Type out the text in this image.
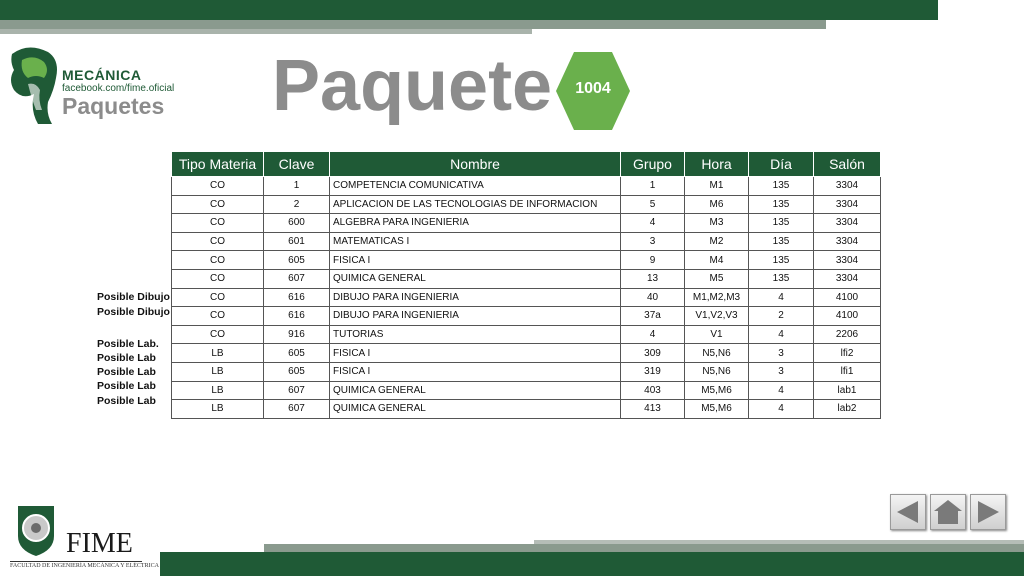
MECÁNICA
facebook.com/fime.oficial
Paquetes Paquete	1004
Posible Dibujo
Posible Dibujo
Posible Lab.
Posible Lab
Posible Lab
Posible Lab
Posible Lab
Tipo Materia	Clave	Nombre	Grupo	Hora	Día	Salón
CO	1	COMPETENCIA COMUNICATIVA	1	M1	135	3304
CO	2	APLICACION DE LAS TECNOLOGIAS DE INFORMACION	5	M6	135	3304
CO	600	ALGEBRA PARA INGENIERIA	4	M3	135	3304
CO	601	MATEMATICAS I	3	M2	135	3304
CO	605	FISICA I	9	M4	135	3304
CO	607	QUIMICA GENERAL	13	M5	135	3304
CO	616	DIBUJO PARA INGENIERIA	40	M1,M2,M3	4	4100
CO	616	DIBUJO PARA INGENIERIA	37a	V1,V2,V3	2	4100
CO	916	TUTORIAS	4	V1	4	2206
LB	605	FISICA I	309	N5,N6	3	lfi2
LB	605	FISICA I	319	N5,N6	3	lfi1
LB	607	QUIMICA GENERAL	403	M5,M6	4	lab1
LB	607	QUIMICA GENERAL	413	M5,M6	4	lab2
FIME
FACULTAD DE INGENIERÍA MECÁNICA Y ELÉCTRICA
